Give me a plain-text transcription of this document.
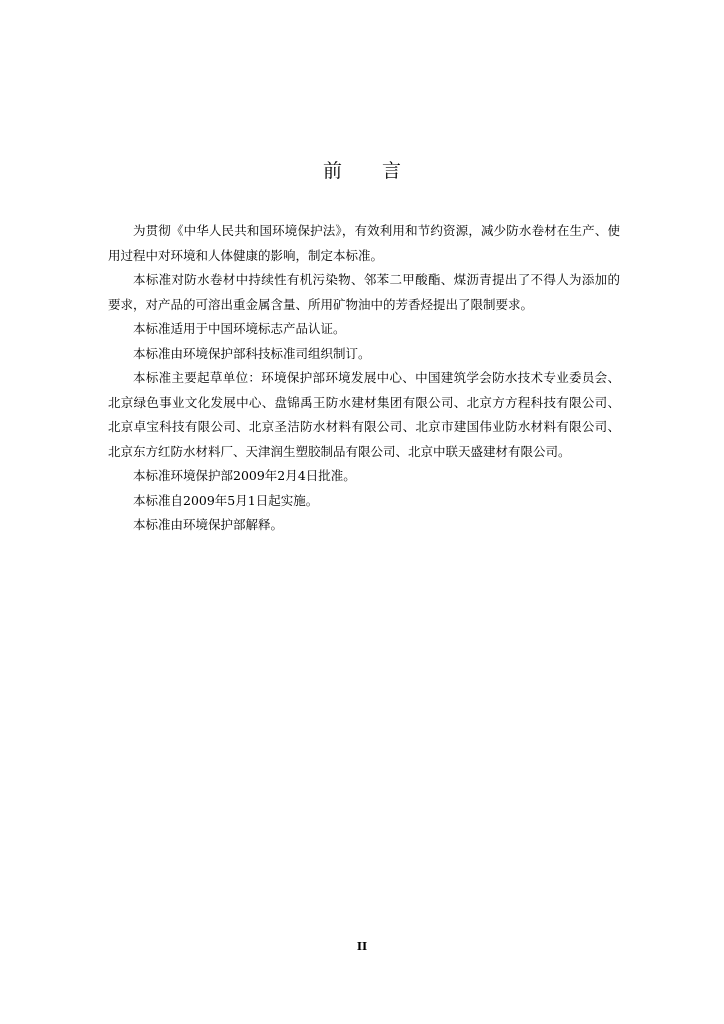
前 言

为贯彻《中华人民共和国环境保护法》，有效利用和节约资源，减少防水卷材在生产、使用过程中对环境和人体健康的影响，制定本标准。

本标准对防水卷材中持续性有机污染物、邻苯二甲酸酯、煤沥青提出了不得人为添加的要求，对产品的可溶出重金属含量、所用矿物油中的芳香烃提出了限制要求。

本标准适用于中国环境标志产品认证。

本标准由环境保护部科技标准司组织制订。

本标准主要起草单位：环境保护部环境发展中心、中国建筑学会防水技术专业委员会、北京绿色事业文化发展中心、盘锦禹王防水建材集团有限公司、北京方方程科技有限公司、北京卓宝科技有限公司、北京圣洁防水材料有限公司、北京市建国伟业防水材料有限公司、北京东方红防水材料厂、天津润生塑胶制品有限公司、北京中联天盛建材有限公司。

本标准环境保护部2009年2月4日批准。

本标准自2009年5月1日起实施。

本标准由环境保护部解释。

II
